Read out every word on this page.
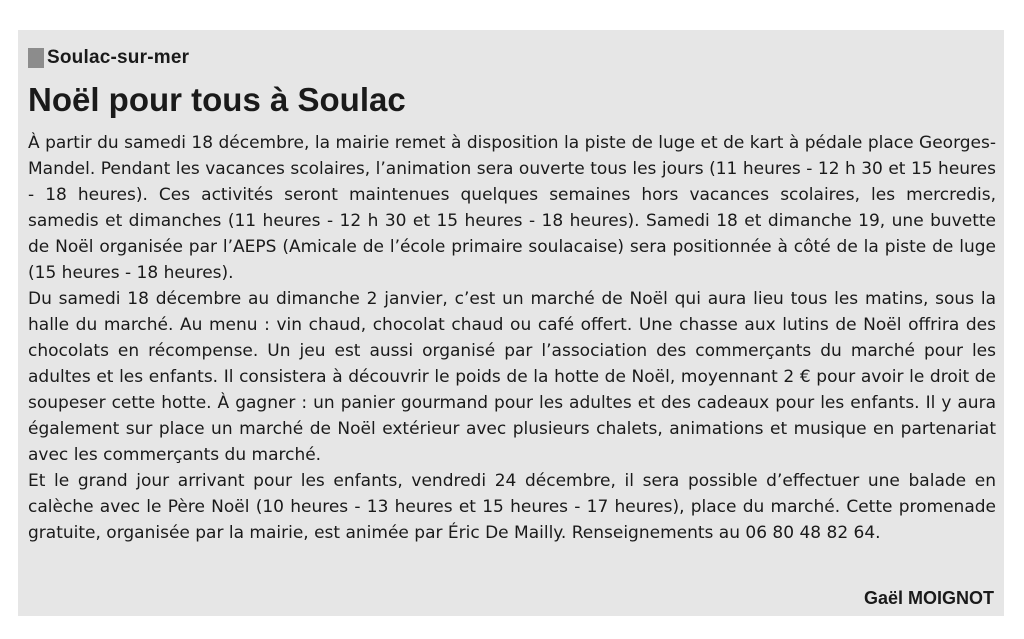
Soulac-sur-mer
Noël pour tous à Soulac

À partir du samedi 18 décembre, la mairie remet à disposition la piste de luge et de kart à pédale place Georges-Mandel. Pendant les vacances scolaires, l’animation sera ouverte tous les jours (11 heures - 12 h 30 et 15 heures - 18 heures). Ces activités seront maintenues quelques semaines hors vacances scolaires, les mercredis, samedis et dimanches (11 heures - 12 h 30 et 15 heures - 18 heures). Samedi 18 et dimanche 19, une buvette de Noël organisée par l’AEPS (Amicale de l’école primaire soulacaise) sera positionnée à côté de la piste de luge (15 heures - 18 heures).

Du samedi 18 décembre au dimanche 2 janvier, c’est un marché de Noël qui aura lieu tous les matins, sous la halle du marché. Au menu : vin chaud, chocolat chaud ou café offert. Une chasse aux lutins de Noël offrira des chocolats en récompense. Un jeu est aussi organisé par l’association des commerçants du marché pour les adultes et les enfants. Il consistera à découvrir le poids de la hotte de Noël, moyennant 2 € pour avoir le droit de soupeser cette hotte. À gagner : un panier gourmand pour les adultes et des cadeaux pour les enfants. Il y aura également sur place un marché de Noël extérieur avec plusieurs chalets, animations et musique en partenariat avec les commerçants du marché.

Et le grand jour arrivant pour les enfants, vendredi 24 décembre, il sera possible d’effectuer une balade en calèche avec le Père Noël (10 heures - 13 heures et 15 heures - 17 heures), place du marché. Cette promenade gratuite, organisée par la mairie, est animée par Éric De Mailly. Renseignements au 06 80 48 82 64.

Gaël MOIGNOT
